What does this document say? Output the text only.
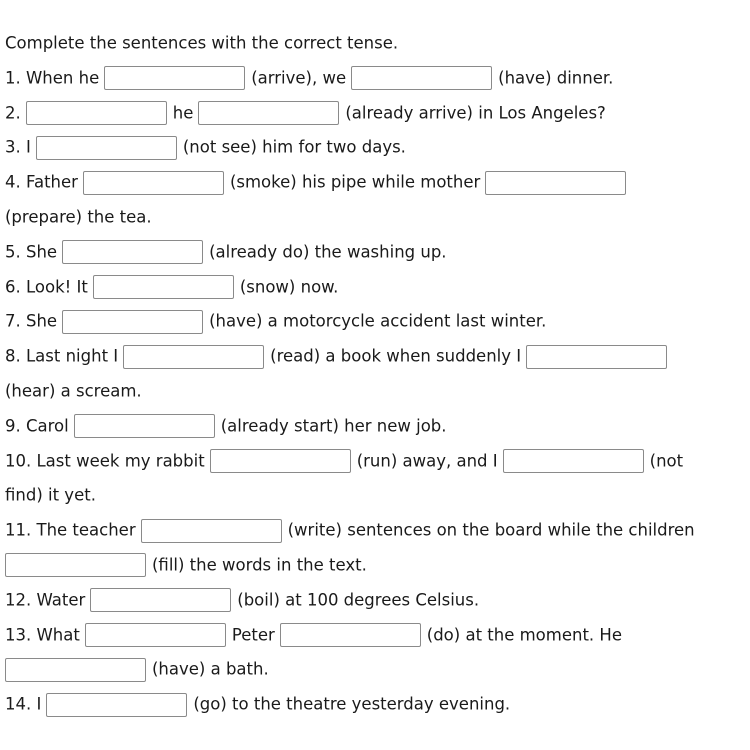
Complete the sentences with the correct tense.
1. When he	(arrive), we	(have) dinner.
2.	he	(already arrive) in Los Angeles?
3. I	(not see) him for two days.
4. Father	(smoke) his pipe while mother
(prepare) the tea.
5. She	(already do) the washing up.
6. Look! It	(snow) now.
7. She	(have) a motorcycle accident last winter.
8. Last night I	(read) a book when suddenly I
(hear) a scream.
9. Carol	(already start) her new job.
10. Last week my rabbit	(run) away, and I	(not
find) it yet.
11. The teacher	(write) sentences on the board while the children
(fill) the words in the text.
12. Water	(boil) at 100 degrees Celsius.
13. What	Peter	(do) at the moment. He
(have) a bath.
14. I	(go) to the theatre yesterday evening.
